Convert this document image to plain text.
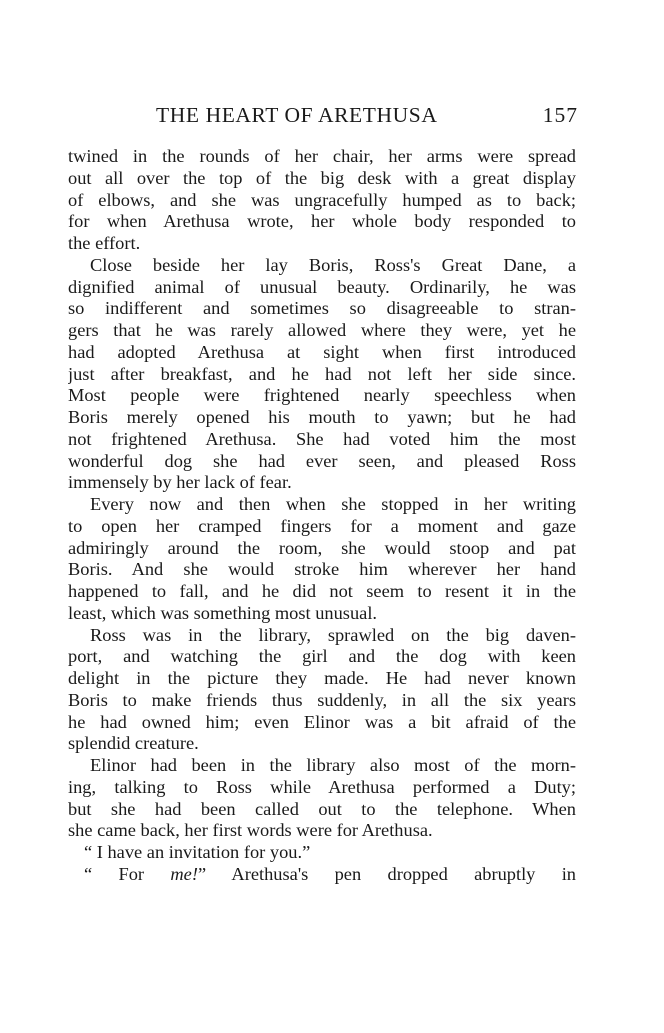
THE HEART OF ARETHUSA	157
twined in the rounds of her chair, her arms were spread
out all over the top of the big desk with a great display
of elbows, and she was ungracefully humped as to back;
for when Arethusa wrote, her whole body responded to
the effort.
Close beside her lay Boris, Ross's Great Dane, a
dignified animal of unusual beauty. Ordinarily, he was
so indifferent and sometimes so disagreeable to stran-
gers that he was rarely allowed where they were, yet he
had adopted Arethusa at sight when first introduced
just after breakfast, and he had not left her side since.
Most people were frightened nearly speechless when
Boris merely opened his mouth to yawn; but he had
not frightened Arethusa. She had voted him the most
wonderful dog she had ever seen, and pleased Ross
immensely by her lack of fear.
Every now and then when she stopped in her writing
to open her cramped fingers for a moment and gaze
admiringly around the room, she would stoop and pat
Boris. And she would stroke him wherever her hand
happened to fall, and he did not seem to resent it in the
least, which was something most unusual.
Ross was in the library, sprawled on the big daven-
port, and watching the girl and the dog with keen
delight in the picture they made. He had never known
Boris to make friends thus suddenly, in all the six years
he had owned him; even Elinor was a bit afraid of the
splendid creature.
Elinor had been in the library also most of the morn-
ing, talking to Ross while Arethusa performed a Duty;
but she had been called out to the telephone. When
she came back, her first words were for Arethusa.
“ I have an invitation for you.”
“ For me!” Arethusa's pen dropped abruptly in
